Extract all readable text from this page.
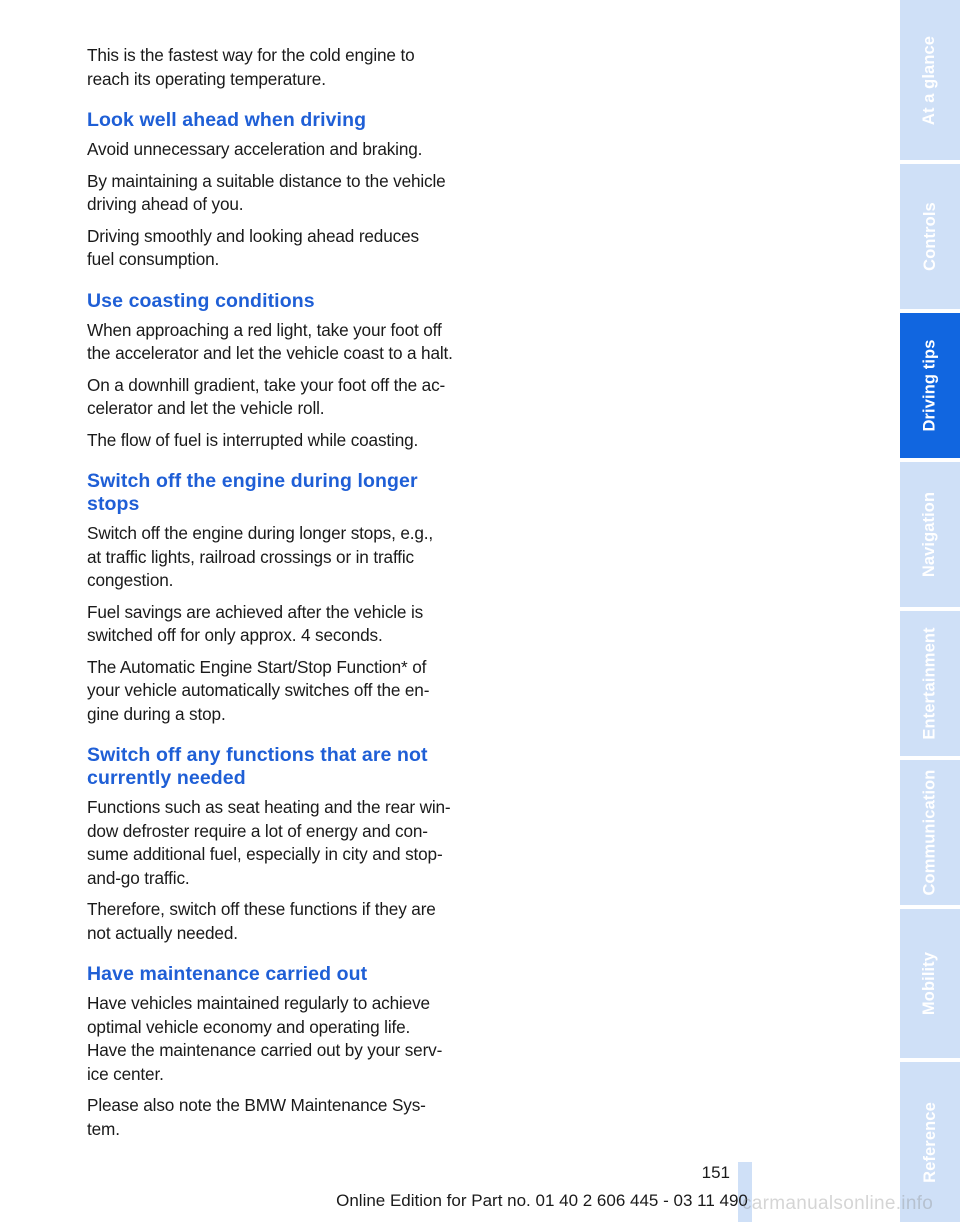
This is the fastest way for the cold engine to
reach its operating temperature.
Look well ahead when driving
Avoid unnecessary acceleration and braking.
By maintaining a suitable distance to the vehicle
driving ahead of you.
Driving smoothly and looking ahead reduces
fuel consumption.
Use coasting conditions
When approaching a red light, take your foot off
the accelerator and let the vehicle coast to a halt.
On a downhill gradient, take your foot off the ac‐
celerator and let the vehicle roll.
The flow of fuel is interrupted while coasting.
Switch off the engine during longer
stops
Switch off the engine during longer stops, e.g.,
at traffic lights, railroad crossings or in traffic
congestion.
Fuel savings are achieved after the vehicle is
switched off for only approx. 4 seconds.
The Automatic Engine Start/Stop Function* of
your vehicle automatically switches off the en‐
gine during a stop.
Switch off any functions that are not
currently needed
Functions such as seat heating and the rear win‐
dow defroster require a lot of energy and con‐
sume additional fuel, especially in city and stop-
and-go traffic.
Therefore, switch off these functions if they are
not actually needed.
Have maintenance carried out
Have vehicles maintained regularly to achieve
optimal vehicle economy and operating life.
Have the maintenance carried out by your serv‐
ice center.
Please also note the BMW Maintenance Sys‐
tem.
At a glance
Controls
Driving tips
Navigation
Entertainment
Communication
Mobility
Reference
151
Online Edition for Part no. 01 40 2 606 445 - 03 11 490
carmanualsonline.info
